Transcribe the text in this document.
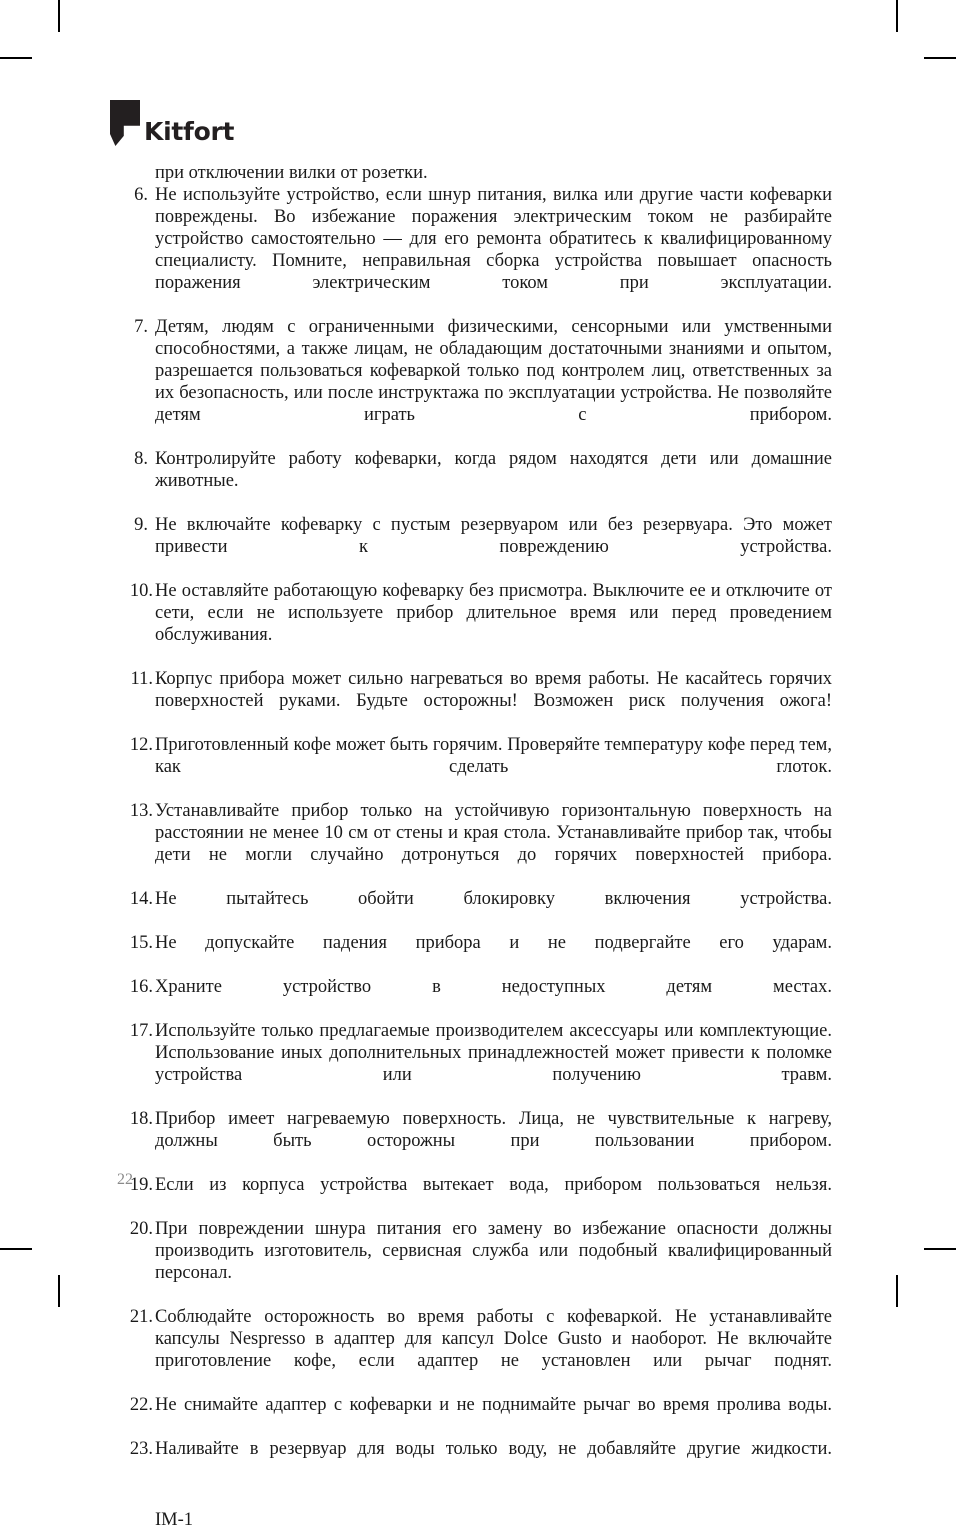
Kitfort

при отключении вилки от розетки.

6. Не используйте устройство, если шнур питания, вилка или другие части кофеварки повреждены. Во избежание поражения электрическим током не разбирайте устройство самостоятельно — для его ремонта обратитесь к квалифицированному специалисту. Помните, неправильная сборка устройства повышает опасность поражения электрическим током при эксплуатации.
7. Детям, людям с ограниченными физическими, сенсорными или умственными способностями, а также лицам, не обладающим достаточными знаниями и опытом, разрешается пользоваться кофеваркой только под контролем лиц, ответственных за их безопасность, или после инструктажа по эксплуатации устройства. Не позволяйте детям играть с прибором.
8. Контролируйте работу кофеварки, когда рядом находятся дети или домашние животные.
9. Не включайте кофеварку с пустым резервуаром или без резервуара. Это может привести к повреждению устройства.
10. Не оставляйте работающую кофеварку без присмотра. Выключите ее и отключите от сети, если не используете прибор длительное время или перед проведением обслуживания.
11. Корпус прибора может сильно нагреваться во время работы. Не касайтесь горячих поверхностей руками. Будьте осторожны! Возможен риск получения ожога!
12. Приготовленный кофе может быть горячим. Проверяйте температуру кофе перед тем, как сделать глоток.
13. Устанавливайте прибор только на устойчивую горизонтальную поверхность на расстоянии не менее 10 см от стены и края стола. Устанавливайте прибор так, чтобы дети не могли случайно дотронуться до горячих поверхностей прибора.
14. Не пытайтесь обойти блокировку включения устройства.
15. Не допускайте падения прибора и не подвергайте его ударам.
16. Храните устройство в недоступных детям местах.
17. Используйте только предлагаемые производителем аксессуары или комплектующие. Использование иных дополнительных принадлежностей может привести к поломке устройства или получению травм.
18. Прибор имеет нагреваемую поверхность. Лица, не чувствительные к нагреву, должны быть осторожны при пользовании прибором.
19. Если из корпуса устройства вытекает вода, прибором пользоваться нельзя.
20. При повреждении шнура питания его замену во избежание опасности должны производить изготовитель, сервисная служба или подобный квалифицированный персонал.
21. Соблюдайте осторожность во время работы с кофеваркой. Не устанавливайте капсулы Nespresso в адаптер для капсул Dolce Gusto и наоборот. Не включайте приготовление кофе, если адаптер не установлен или рычаг поднят.
22. Не снимайте адаптер с кофеварки и не поднимайте рычаг во время пролива воды.
23. Наливайте в резервуар для воды только воду, не добавляйте другие жидкости.
IM-1
22
